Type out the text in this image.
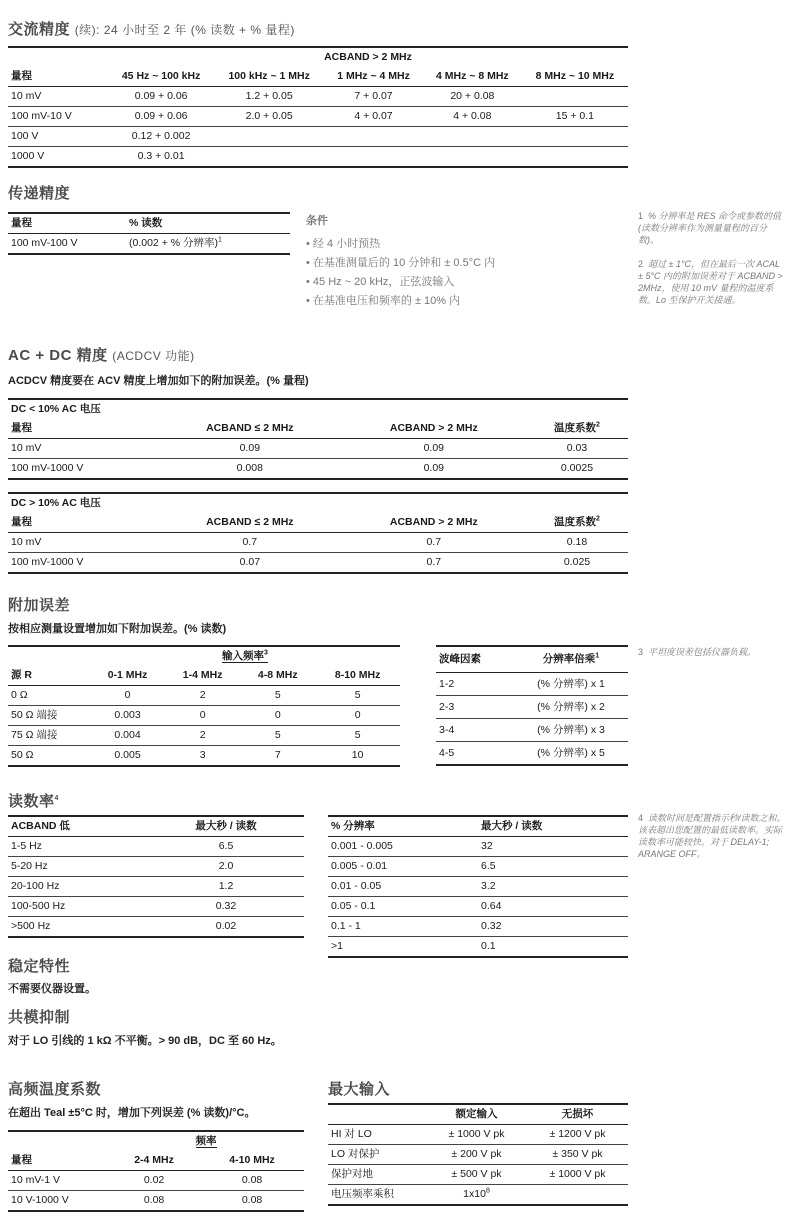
交流精度 (续): 24 小时至 2 年 (% 读数 + % 量程)
	ACBAND > 2 MHz				
量程	45 Hz ~ 100 kHz	100 kHz ~ 1 MHz	1 MHz ~ 4 MHz	4 MHz ~ 8 MHz	8 MHz ~ 10 MHz
10 mV	0.09 + 0.06	1.2 + 0.05	7 + 0.07	20 + 0.08	
100 mV-10 V	0.09 + 0.06	2.0 + 0.05	4 + 0.07	4 + 0.08	15 + 0.1
100 V	0.12 + 0.002				
1000 V	0.3 + 0.01				
传递精度
量程	% 读数
100 mV-100 V	(0.002 + % 分辨率)$^1$
条件
• 经 4 小时预热
• 在基准测量后的 10 分钟和 ± 0.5°C 内
• 45 Hz ~ 20 kHz，正弦波输入
• 在基准电压和频率的 ± 10% 内
1 % 分辨率是 RES 命令或参数的值 (读数分辨率作为测量量程的百分数)。
2 超过 ± 1°C，但在最后一次 ACAL ± 5°C 内的附加误差对于 ACBAND > 2MHz，使用 10 mV 量程的温度系数。Lo 至保护开关接通。
AC + DC 精度 (ACDCV 功能)
ACDCV 精度要在 ACV 精度上增加如下的附加误差。(% 量程)
DC < 10% AC 电压			
量程	ACBAND ≤ 2 MHz	ACBAND > 2 MHz	温度系数$^2$
10 mV	0.09	0.09	0.03
100 mV-1000 V	0.008	0.09	0.0025
DC > 10% AC 电压			
量程	ACBAND ≤ 2 MHz	ACBAND > 2 MHz	温度系数$^2$
10 mV	0.7	0.7	0.18
100 mV-1000 V	0.07	0.7	0.025
附加误差
按相应测量设置增加如下附加误差。(% 读数)
	输入频率$^3$
源 R	0-1 MHz	1-4 MHz	4-8 MHz	8-10 MHz
0 Ω	0	2	5	5
50 Ω 端接	0.003	0	0	0
75 Ω 端接	0.004	2	5	5
50 Ω	0.005	3	7	10
波峰因素	分辨率倍乘$^1$
1-2	(% 分辨率) x 1
2-3	(% 分辨率) x 2
3-4	(% 分辨率) x 3
4-5	(% 分辨率) x 5
3 平坦度误差包括仪器负载。
读数率$^4$
ACBAND 低	最大秒 / 读数
1-5 Hz	6.5
5-20 Hz	2.0
20-100 Hz	1.2
100-500 Hz	0.32
>500 Hz	0.02
% 分辨率	最大秒 / 读数
0.001 - 0.005	32
0.005 - 0.01	6.5
0.01 - 0.05	3.2
0.05 - 0.1	0.64
0.1 - 1	0.32
>1	0.1
4 读数时间是配置指示秒/读数之和。该表超出您配置的最低读数率。实际读数率可能较快。对于 DELAY-1; ARANGE OFF。
稳定特性
不需要仪器设置。
共模抑制
对于 LO 引线的 1 kΩ 不平衡。> 90 dB，DC 至 60 Hz。
高频温度系数
在超出 Teal ±5°C 时，增加下列误差 (% 读数)/°C。
	频率	
量程	2-4 MHz	4-10 MHz
10 mV-1 V	0.02	0.08
10 V-1000 V	0.08	0.08
最大输入
	额定输入	无损坏
HI 对 LO	± 1000 V pk	± 1200 V pk
LO 对保护	± 200 V pk	± 350 V pk
保护对地	± 500 V pk	± 1000 V pk
电压频率乘积	$1x10^8$	
